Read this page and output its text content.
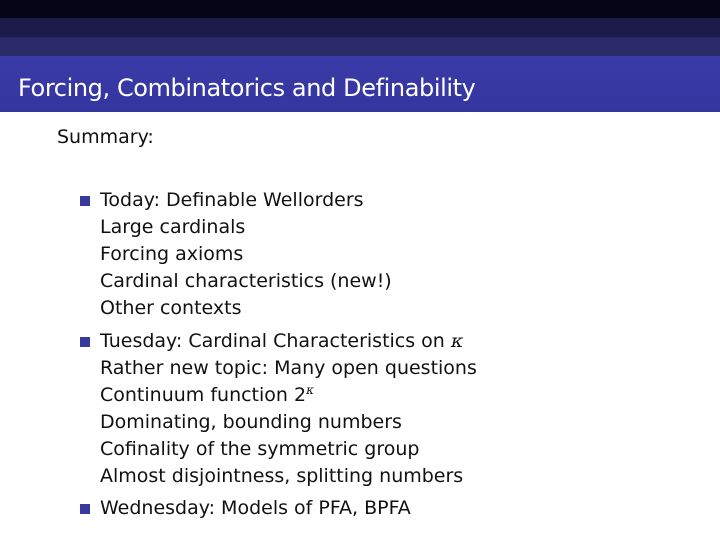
Forcing, Combinatorics and Definability
Summary:
Today: Definable Wellorders
Large cardinals
Forcing axioms
Cardinal characteristics (new!)
Other contexts
Tuesday: Cardinal Characteristics on κ
Rather new topic: Many open questions
Continuum function $2^\kappa$
Dominating, bounding numbers
Cofinality of the symmetric group
Almost disjointness, splitting numbers
Wednesday: Models of PFA, BPFA
